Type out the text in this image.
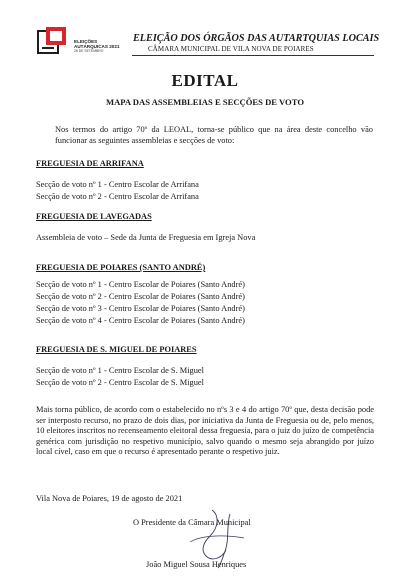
ELEIÇÕES
AUTÁRQUICAS 2021
26 DE SETEMBRO
ELEIÇÃO DOS ÓRGÃOS DAS AUTARTQUIAS LOCAIS
CÂMARA MUNICIPAL DE VILA NOVA DE POIARES
EDITAL
MAPA DAS ASSEMBLEIAS E SECÇÕES DE VOTO
Nos termos do artigo 70º da LEOAL, torna-se público que na área deste concelho vão funcionar as seguintes assembleias e secções de voto:
FREGUESIA DE ARRIFANA
Secção de voto nº 1 - Centro Escolar de Arrifana
Secção de voto nº 2 - Centro Escolar de Arrifana
FREGUESIA DE LAVEGADAS
Assembleia de voto – Sede da Junta de Freguesia em Igreja Nova
FREGUESIA DE POIARES (SANTO ANDRÉ)
Secção de voto nº 1 - Centro Escolar de Poiares (Santo André)
Secção de voto nº 2 - Centro Escolar de Poiares (Santo André)
Secção de voto nº 3 - Centro Escolar de Poiares (Santo André)
Secção de voto nº 4 - Centro Escolar de Poiares (Santo André)
FREGUESIA DE S. MIGUEL DE POIARES
Secção de voto nº 1 - Centro Escolar de S. Miguel
Secção de voto nº 2 - Centro Escolar de S. Miguel
Mais torna público, de acordo com o estabelecido no nºs 3 e 4 do artigo 70º que, desta decisão pode ser interposto recurso, no prazo de dois dias, por iniciativa da Junta de Freguesia ou de, pelo menos, 10 eleitores inscritos no recenseamento eleitoral dessa freguesia, para o juiz do juízo de competência genérica com jurisdição no respetivo município, salvo quando o mesmo seja abrangido por juízo local cível, caso em que o recurso é apresentado perante o respetivo juiz.
Vila Nova de Poiares, 19 de agosto de 2021
O Presidente da Câmara Municipal
João Miguel Sousa Henriques
